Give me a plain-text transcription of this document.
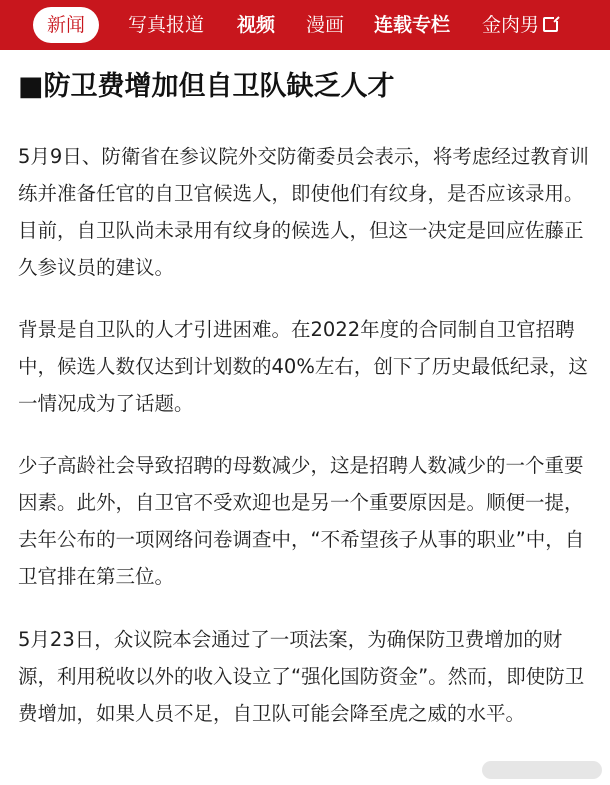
新闻	写真报道 视频 漫画 连载专栏 金肉男
■防卫费增加但自卫队缺乏人才

5月9日、防衛省在参议院外交防衛委员会表示，将考虑经过教育训练并准备任官的自卫官候选人，即使他们有纹身，是否应该录用。目前，自卫队尚未录用有纹身的候选人，但这一决定是回应佐藤正久参议员的建议。

背景是自卫队的人才引进困难。在2022年度的合同制自卫官招聘中，候选人数仅达到计划数的40%左右，创下了历史最低纪录，这一情况成为了话题。

少子高龄社会导致招聘的母数减少，这是招聘人数减少的一个重要因素。此外，自卫官不受欢迎也是另一个重要原因是。顺便一提，去年公布的一项网络问卷调查中，“不希望孩子从事的职业”中，自卫官排在第三位。

5月23日，众议院本会通过了一项法案，为确保防卫费增加的财源，利用税收以外的收入设立了“强化国防资金”。然而，即使防卫费增加，如果人员不足，自卫队可能会降至虎之威的水平。
